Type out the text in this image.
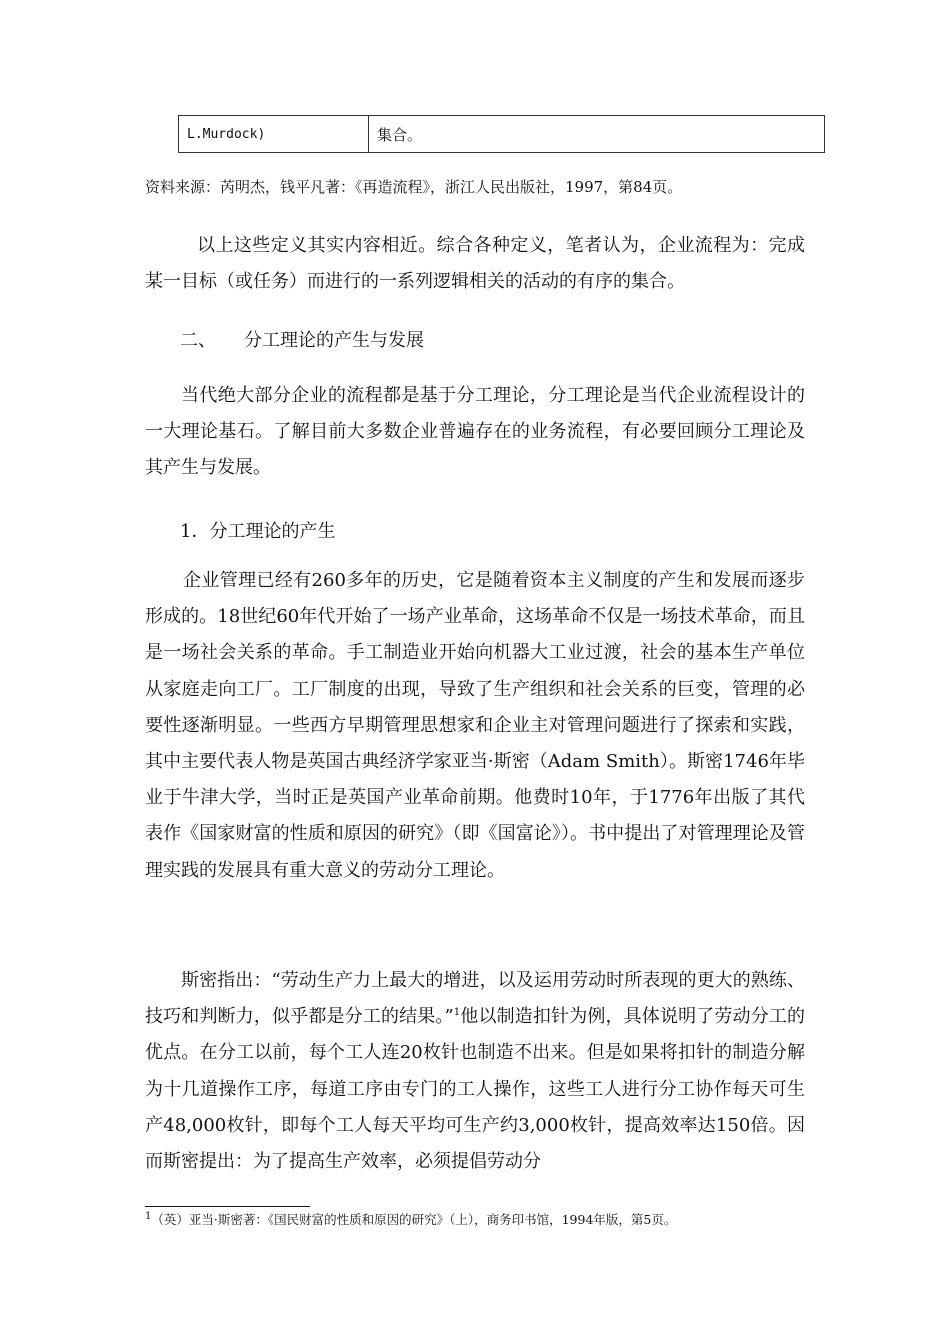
L.Murdock)	集合。
资料来源：芮明杰，钱平凡著：《再造流程》，浙江人民出版社，1997，第84页。

以上这些定义其实内容相近。综合各种定义，笔者认为，企业流程为：完成某一目标（或任务）而进行的一系列逻辑相关的活动的有序的集合。

二、 分工理论的产生与发展

当代绝大部分企业的流程都是基于分工理论，分工理论是当代企业流程设计的一大理论基石。了解目前大多数企业普遍存在的业务流程，有必要回顾分工理论及其产生与发展。

1．分工理论的产生

企业管理已经有260多年的历史，它是随着资本主义制度的产生和发展而逐步形成的。18世纪60年代开始了一场产业革命，这场革命不仅是一场技术革命，而且是一场社会关系的革命。手工制造业开始向机器大工业过渡，社会的基本生产单位从家庭走向工厂。工厂制度的出现，导致了生产组织和社会关系的巨变，管理的必要性逐渐明显。一些西方早期管理思想家和企业主对管理问题进行了探索和实践，其中主要代表人物是英国古典经济学家亚当·斯密（Adam Smith）。斯密1746年毕业于牛津大学，当时正是英国产业革命前期。他费时10年，于1776年出版了其代表作《国家财富的性质和原因的研究》（即《国富论》）。书中提出了对管理理论及管理实践的发展具有重大意义的劳动分工理论。

斯密指出：“劳动生产力上最大的增进，以及运用劳动时所表现的更大的熟练、技巧和判断力，似乎都是分工的结果。”$^1$他以制造扣针为例，具体说明了劳动分工的优点。在分工以前，每个工人连20枚针也制造不出来。但是如果将扣针的制造分解为十几道操作工序，每道工序由专门的工人操作，这些工人进行分工协作每天可生产48,000枚针，即每个工人每天平均可生产约3,000枚针，提高效率达150倍。因而斯密提出：为了提高生产效率，必须提倡劳动分

$^1$（英）亚当·斯密著：《国民财富的性质和原因的研究》（上），商务印书馆，1994年版，第5页。
